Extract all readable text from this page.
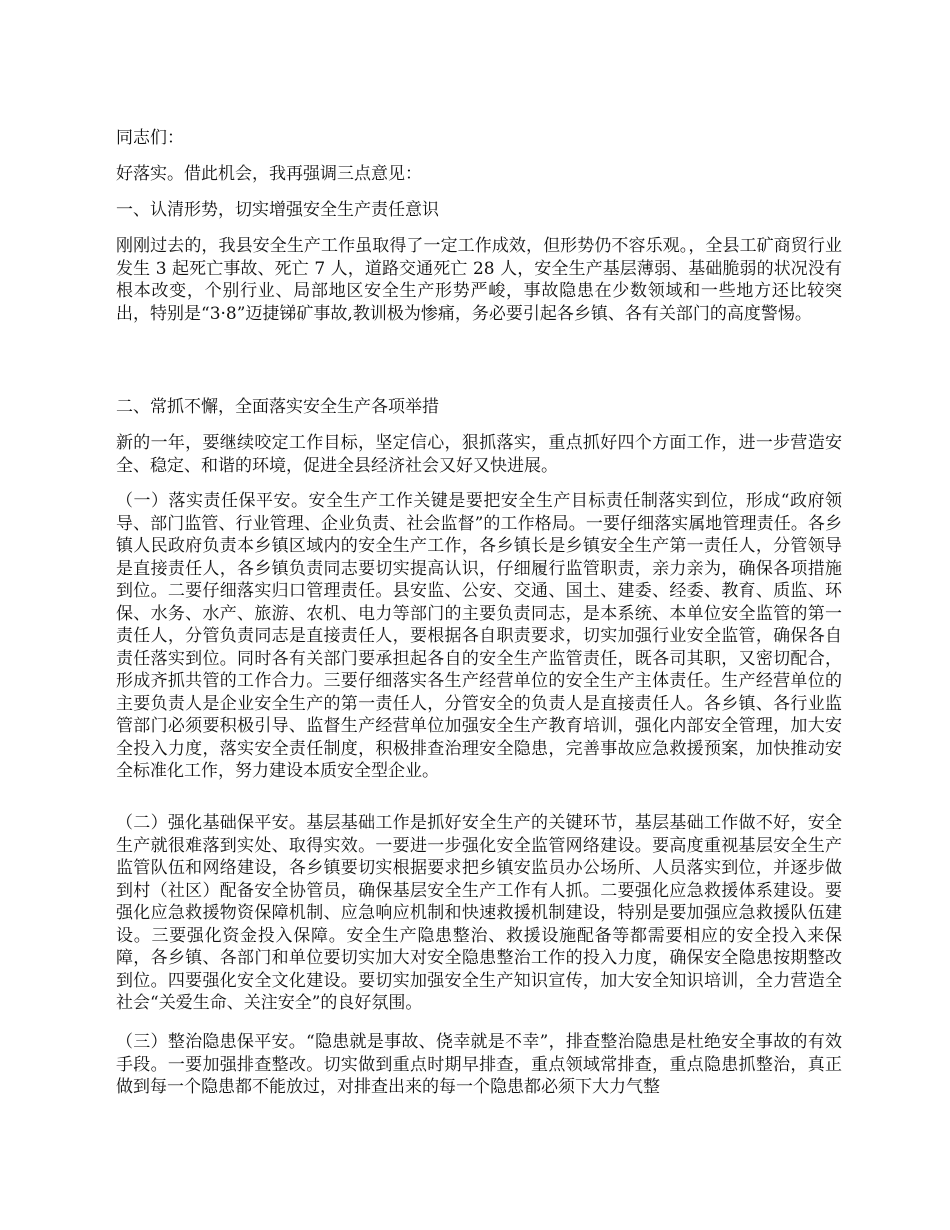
同志们：

好落实。借此机会，我再强调三点意见：

一、认清形势，切实增强安全生产责任意识

刚刚过去的，我县安全生产工作虽取得了一定工作成效，但形势仍不容乐观。，全县工矿商贸行业发生 3 起死亡事故、死亡 7 人，道路交通死亡 28 人，安全生产基层薄弱、基础脆弱的状况没有根本改变，个别行业、局部地区安全生产形势严峻，事故隐患在少数领域和一些地方还比较突出，特别是“3·8”迈捷锑矿事故,教训极为惨痛，务必要引起各乡镇、各有关部门的高度警惕。

二、常抓不懈，全面落实安全生产各项举措

新的一年，要继续咬定工作目标，坚定信心，狠抓落实，重点抓好四个方面工作，进一步营造安全、稳定、和谐的环境，促进全县经济社会又好又快进展。

（一）落实责任保平安。安全生产工作关键是要把安全生产目标责任制落实到位，形成“政府领导、部门监管、行业管理、企业负责、社会监督”的工作格局。一要仔细落实属地管理责任。各乡镇人民政府负责本乡镇区域内的安全生产工作，各乡镇长是乡镇安全生产第一责任人，分管领导是直接责任人，各乡镇负责同志要切实提高认识，仔细履行监管职责，亲力亲为，确保各项措施到位。二要仔细落实归口管理责任。县安监、公安、交通、国土、建委、经委、教育、质监、环保、水务、水产、旅游、农机、电力等部门的主要负责同志，是本系统、本单位安全监管的第一责任人，分管负责同志是直接责任人，要根据各自职责要求，切实加强行业安全监管，确保各自责任落实到位。同时各有关部门要承担起各自的安全生产监管责任，既各司其职，又密切配合，形成齐抓共管的工作合力。三要仔细落实各生产经营单位的安全生产主体责任。生产经营单位的主要负责人是企业安全生产的第一责任人，分管安全的负责人是直接责任人。各乡镇、各行业监管部门必须要积极引导、监督生产经营单位加强安全生产教育培训，强化内部安全管理，加大安全投入力度，落实安全责任制度，积极排查治理安全隐患，完善事故应急救援预案，加快推动安全标准化工作，努力建设本质安全型企业。

（二）强化基础保平安。基层基础工作是抓好安全生产的关键环节，基层基础工作做不好，安全生产就很难落到实处、取得实效。一要进一步强化安全监管网络建设。要高度重视基层安全生产监管队伍和网络建设，各乡镇要切实根据要求把乡镇安监员办公场所、人员落实到位，并逐步做到村（社区）配备安全协管员，确保基层安全生产工作有人抓。二要强化应急救援体系建设。要强化应急救援物资保障机制、应急响应机制和快速救援机制建设，特别是要加强应急救援队伍建设。三要强化资金投入保障。安全生产隐患整治、救援设施配备等都需要相应的安全投入来保障，各乡镇、各部门和单位要切实加大对安全隐患整治工作的投入力度，确保安全隐患按期整改到位。四要强化安全文化建设。要切实加强安全生产知识宣传，加大安全知识培训，全力营造全社会“关爱生命、关注安全”的良好氛围。

（三）整治隐患保平安。“隐患就是事故、侥幸就是不幸”，排查整治隐患是杜绝安全事故的有效手段。一要加强排查整改。切实做到重点时期早排查，重点领域常排查，重点隐患抓整治，真正做到每一个隐患都不能放过，对排查出来的每一个隐患都必须下大力气整
